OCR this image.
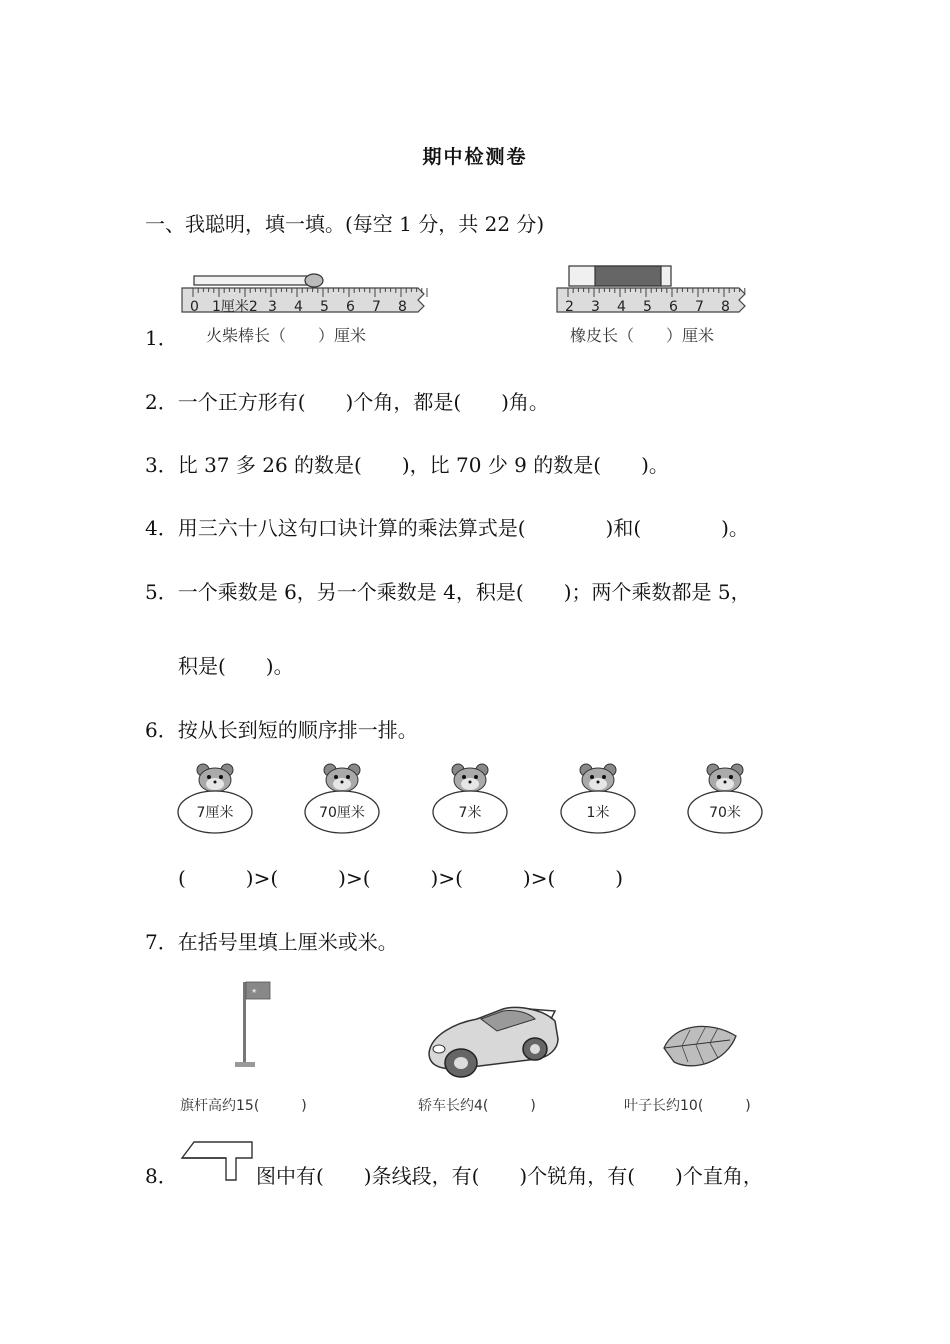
期中检测卷
一、我聪明，填一填。(每空 1 分，共 22 分)
1．
0 1厘米2 3 4 5 6 7 8
火柴棒长（　　）厘米
2 3 4 5 6 7 8
橡皮长（　　）厘米
2．一个正方形有(　　)个角，都是(　　)角。
3．比 37 多 26 的数是(　　)，比 70 少 9 的数是(　　)。
4．用三六十八这句口诀计算的乘法算式是(　　　　)和(　　　　)。
5．一个乘数是 6，另一个乘数是 4，积是(　　)；两个乘数都是 5，
积是(　　)。
6．按从长到短的顺序排一排。
7厘米	70厘米	7米	1米	70米
(　　　)>(　　　)>(　　　)>(　　　)>(　　　)
7．在括号里填上厘米或米。
★
旗杆高约15(　　　)	轿车长约4(　　　)	叶子长约10(　　　)
8．	图中有(　　)条线段，有(　　)个锐角，有(　　)个直角，
